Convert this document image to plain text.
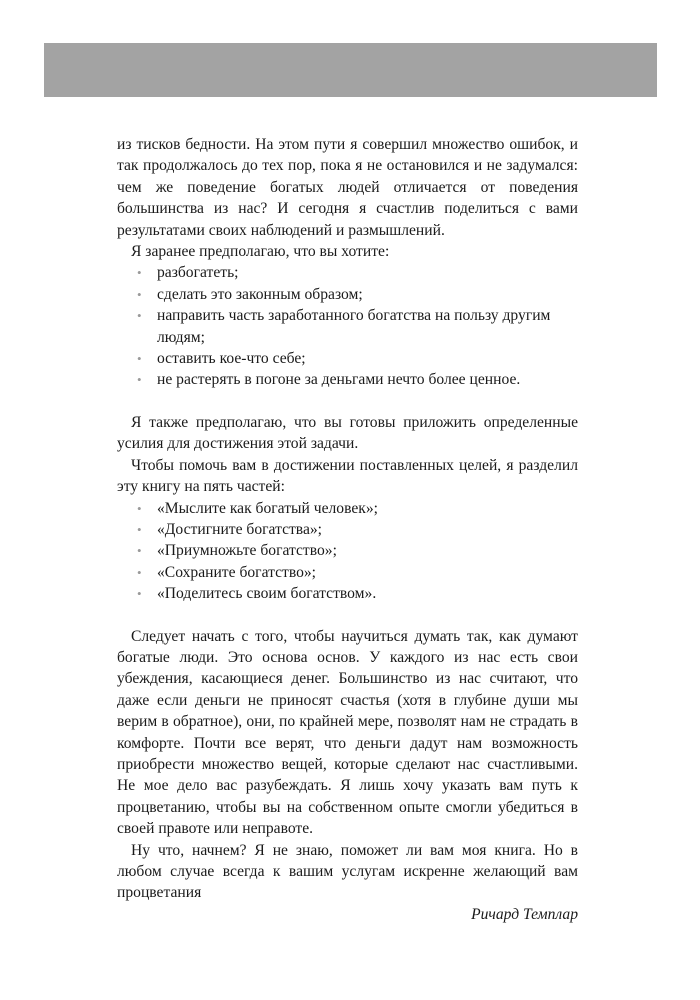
из тисков бедности. На этом пути я совершил множество ошибок, и так продолжалось до тех пор, пока я не остановился и не задумался: чем же поведение богатых людей отличается от поведения большинства из нас? И сегодня я счастлив поделиться с вами результатами своих наблюдений и размышлений.

Я заранее предполагаю, что вы хотите:

• разбогатеть;
• сделать это законным образом;
• направить часть заработанного богатства на пользу другим людям;
• оставить кое-что себе;
• не растерять в погоне за деньгами нечто более ценное.

Я также предполагаю, что вы готовы приложить определенные усилия для достижения этой задачи.

Чтобы помочь вам в достижении поставленных целей, я разделил эту книгу на пять частей:

• «Мыслите как богатый человек»;
• «Достигните богатства»;
• «Приумножьте богатство»;
• «Сохраните богатство»;
• «Поделитесь своим богатством».

Следует начать с того, чтобы научиться думать так, как думают богатые люди. Это основа основ. У каждого из нас есть свои убеждения, касающиеся денег. Большинство из нас считают, что даже если деньги не приносят счастья (хотя в глубине души мы верим в обратное), они, по крайней мере, позволят нам не страдать в комфорте. Почти все верят, что деньги дадут нам возможность приобрести множество вещей, которые сделают нас счастливыми. Не мое дело вас разубеждать. Я лишь хочу указать вам путь к процветанию, чтобы вы на собственном опыте смогли убедиться в своей правоте или неправоте.

Ну что, начнем? Я не знаю, поможет ли вам моя книга. Но в любом случае всегда к вашим услугам искренне желающий вам процветания

Ричард Темплар
